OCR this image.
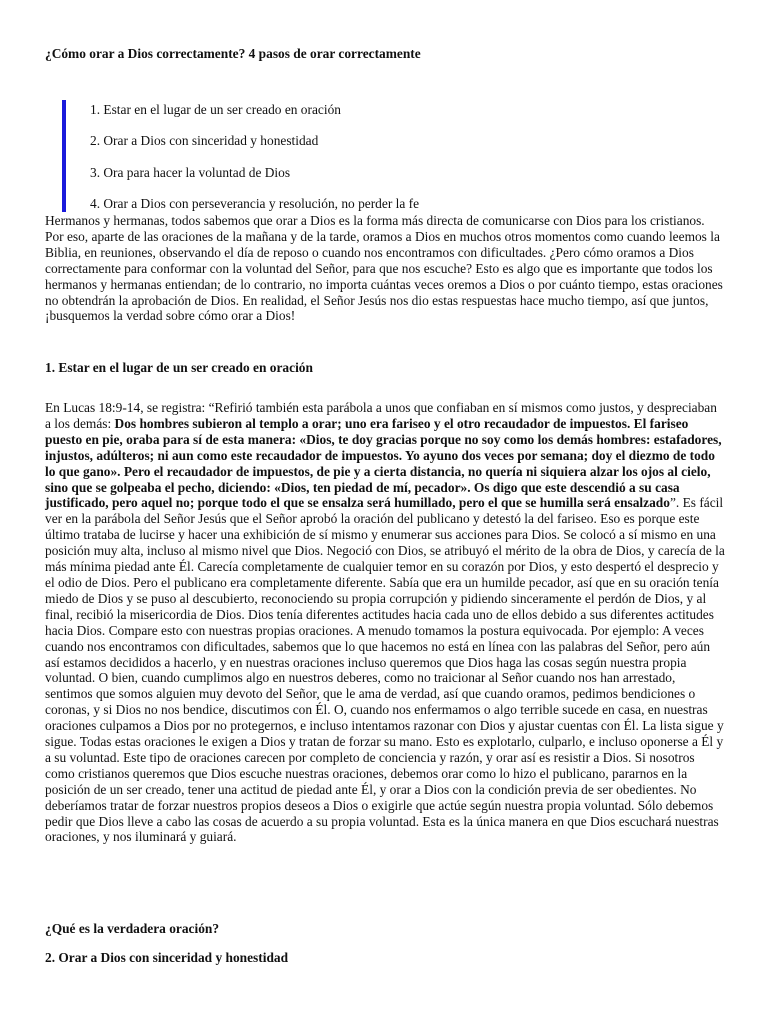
¿Cómo orar a Dios correctamente? 4 pasos de orar correctamente

1. Estar en el lugar de un ser creado en oración

2. Orar a Dios con sinceridad y honestidad

3. Ora para hacer la voluntad de Dios

4. Orar a Dios con perseverancia y resolución, no perder la fe

Hermanos y hermanas, todos sabemos que orar a Dios es la forma más directa de comunicarse con Dios para los cristianos. Por eso, aparte de las oraciones de la mañana y de la tarde, oramos a Dios en muchos otros momentos como cuando leemos la Biblia, en reuniones, observando el día de reposo o cuando nos encontramos con dificultades. ¿Pero cómo oramos a Dios correctamente para conformar con la voluntad del Señor, para que nos escuche? Esto es algo que es importante que todos los hermanos y hermanas entiendan; de lo contrario, no importa cuántas veces oremos a Dios o por cuánto tiempo, estas oraciones no obtendrán la aprobación de Dios. En realidad, el Señor Jesús nos dio estas respuestas hace mucho tiempo, así que juntos, ¡busquemos la verdad sobre cómo orar a Dios!

1. Estar en el lugar de un ser creado en oración

En Lucas 18:9-14, se registra: “Refirió también esta parábola a unos que confiaban en sí mismos como justos, y despreciaban a los demás: Dos hombres subieron al templo a orar; uno era fariseo y el otro recaudador de impuestos. El fariseo puesto en pie, oraba para sí de esta manera: «Dios, te doy gracias porque no soy como los demás hombres: estafadores, injustos, adúlteros; ni aun como este recaudador de impuestos. Yo ayuno dos veces por semana; doy el diezmo de todo lo que gano». Pero el recaudador de impuestos, de pie y a cierta distancia, no quería ni siquiera alzar los ojos al cielo, sino que se golpeaba el pecho, diciendo: «Dios, ten piedad de mí, pecador». Os digo que este descendió a su casa justificado, pero aquel no; porque todo el que se ensalza será humillado, pero el que se humilla será ensalzado”. Es fácil ver en la parábola del Señor Jesús que el Señor aprobó la oración del publicano y detestó la del fariseo. Eso es porque este último trataba de lucirse y hacer una exhibición de sí mismo y enumerar sus acciones para Dios. Se colocó a sí mismo en una posición muy alta, incluso al mismo nivel que Dios. Negoció con Dios, se atribuyó el mérito de la obra de Dios, y carecía de la más mínima piedad ante Él. Carecía completamente de cualquier temor en su corazón por Dios, y esto despertó el desprecio y el odio de Dios. Pero el publicano era completamente diferente. Sabía que era un humilde pecador, así que en su oración tenía miedo de Dios y se puso al descubierto, reconociendo su propia corrupción y pidiendo sinceramente el perdón de Dios, y al final, recibió la misericordia de Dios. Dios tenía diferentes actitudes hacia cada uno de ellos debido a sus diferentes actitudes hacia Dios. Compare esto con nuestras propias oraciones. A menudo tomamos la postura equivocada. Por ejemplo: A veces cuando nos encontramos con dificultades, sabemos que lo que hacemos no está en línea con las palabras del Señor, pero aún así estamos decididos a hacerlo, y en nuestras oraciones incluso queremos que Dios haga las cosas según nuestra propia voluntad. O bien, cuando cumplimos algo en nuestros deberes, como no traicionar al Señor cuando nos han arrestado, sentimos que somos alguien muy devoto del Señor, que le ama de verdad, así que cuando oramos, pedimos bendiciones o coronas, y si Dios no nos bendice, discutimos con Él. O, cuando nos enfermamos o algo terrible sucede en casa, en nuestras oraciones culpamos a Dios por no protegernos, e incluso intentamos razonar con Dios y ajustar cuentas con Él. La lista sigue y sigue. Todas estas oraciones le exigen a Dios y tratan de forzar su mano. Esto es explotarlo, culparlo, e incluso oponerse a Él y a su voluntad. Este tipo de oraciones carecen por completo de conciencia y razón, y orar así es resistir a Dios. Si nosotros como cristianos queremos que Dios escuche nuestras oraciones, debemos orar como lo hizo el publicano, pararnos en la posición de un ser creado, tener una actitud de piedad ante Él, y orar a Dios con la condición previa de ser obedientes. No deberíamos tratar de forzar nuestros propios deseos a Dios o exigirle que actúe según nuestra propia voluntad. Sólo debemos pedir que Dios lleve a cabo las cosas de acuerdo a su propia voluntad. Esta es la única manera en que Dios escuchará nuestras oraciones, y nos iluminará y guiará.

¿Qué es la verdadera oración?
2. Orar a Dios con sinceridad y honestidad
